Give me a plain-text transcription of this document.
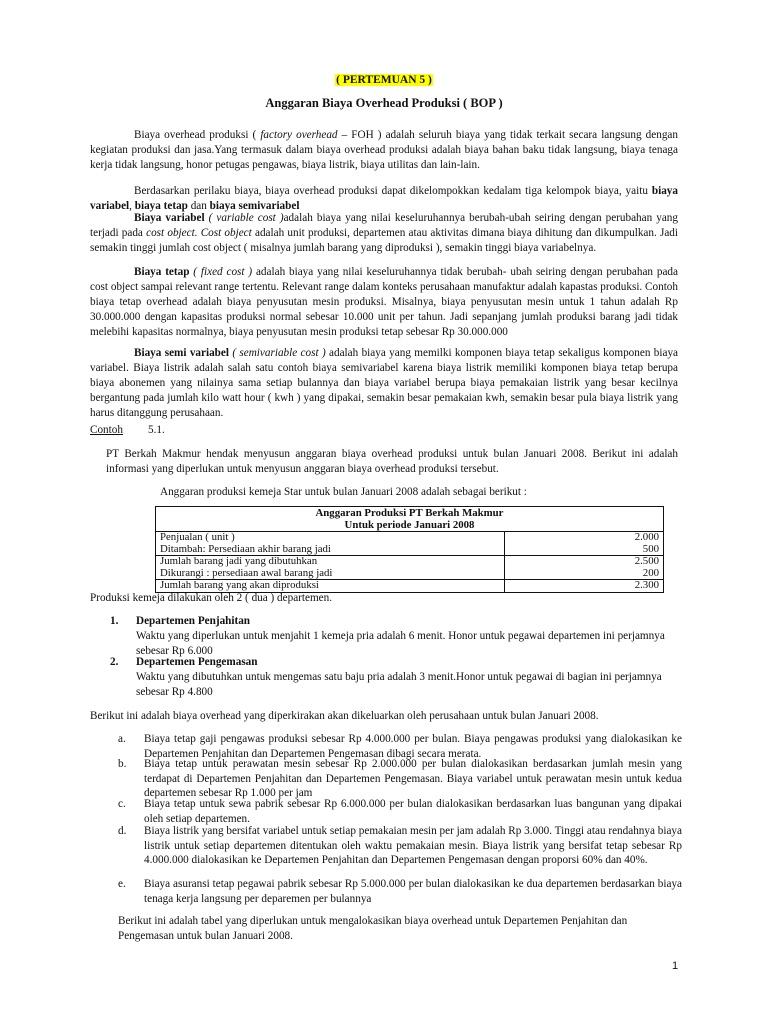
( PERTEMUAN 5 )

Anggaran Biaya Overhead Produksi ( BOP )

Biaya overhead produksi ( factory overhead – FOH ) adalah seluruh biaya yang tidak terkait secara langsung dengan kegiatan produksi dan jasa.Yang termasuk dalam biaya overhead produksi adalah biaya bahan baku tidak langsung, biaya tenaga kerja tidak langsung, honor petugas pengawas, biaya listrik, biaya utilitas dan lain-lain.

Berdasarkan perilaku biaya, biaya overhead produksi dapat dikelompokkan kedalam tiga kelompok biaya, yaitu biaya variabel, biaya tetap dan biaya semivariabel

Biaya variabel ( variable cost )adalah biaya yang nilai keseluruhannya berubah-ubah seiring dengan perubahan yang terjadi pada cost object. Cost object adalah unit produksi, departemen atau aktivitas dimana biaya dihitung dan dikumpulkan. Jadi semakin tinggi jumlah cost object ( misalnya jumlah barang yang diproduksi ), semakin tinggi biaya variabelnya.

Biaya tetap ( fixed cost ) adalah biaya yang nilai keseluruhannya tidak berubah- ubah seiring dengan perubahan pada cost object sampai relevant range tertentu. Relevant range dalam konteks perusahaan manufaktur adalah kapastas produksi. Contoh biaya tetap overhead adalah biaya penyusutan mesin produksi. Misalnya, biaya penyusutan mesin untuk 1 tahun adalah Rp 30.000.000 dengan kapasitas produksi normal sebesar 10.000 unit per tahun. Jadi sepanjang jumlah produksi barang jadi tidak melebihi kapasitas normalnya, biaya penyusutan mesin produksi tetap sebesar Rp 30.000.000

Biaya semi variabel ( semivariable cost ) adalah biaya yang memilki komponen biaya tetap sekaligus komponen biaya variabel. Biaya listrik adalah salah satu contoh biaya semivariabel karena biaya listrik memiliki komponen biaya tetap berupa biaya abonemen yang nilainya sama setiap bulannya dan biaya variabel berupa biaya pemakaian listrik yang besar kecilnya bergantung pada jumlah kilo watt hour ( kwh ) yang dipakai, semakin besar pemakaian kwh, semakin besar pula biaya listrik yang harus ditanggung perusahaan.

Contoh 5.1.

PT Berkah Makmur hendak menyusun anggaran biaya overhead produksi untuk bulan Januari 2008. Berikut ini adalah informasi yang diperlukan untuk menyusun anggaran biaya overhead produksi tersebut.

Anggaran produksi kemeja Star untuk bulan Januari 2008 adalah sebagai berikut :

Anggaran Produksi PT Berkah Makmur	
Untuk periode Januari 2008	
Penjualan ( unit )	2.000
Ditambah: Persediaan akhir barang jadi	500
Jumlah barang jadi yang dibutuhkan	2.500
Dikurangi : persediaan awal barang jadi	200
Jumlah barang yang akan diproduksi	2.300

Produksi kemeja dilakukan oleh 2 ( dua ) departemen.

1. Departemen Penjahitan

Waktu yang diperlukan untuk menjahit 1 kemeja pria adalah 6 menit. Honor untuk pegawai departemen ini perjamnya sebesar Rp 6.000

2. Departemen Pengemasan

Waktu yang dibutuhkan untuk mengemas satu baju pria adalah 3 menit.Honor untuk pegawai di bagian ini perjamnya sebesar Rp 4.800

Berikut ini adalah biaya overhead yang diperkirakan akan dikeluarkan oleh perusahaan untuk bulan Januari 2008.

a.	Biaya tetap gaji pengawas produksi sebesar Rp 4.000.000 per bulan. Biaya pengawas produksi yang dialokasikan ke Departemen Penjahitan dan Departemen Pengemasan dibagi secara merata.

b.	Biaya tetap untuk perawatan mesin sebesar Rp 2.000.000 per bulan dialokasikan berdasarkan jumlah mesin yang terdapat di Departemen Penjahitan dan Departemen Pengemasan. Biaya variabel untuk perawatan mesin untuk kedua departemen sebesar Rp 1.000 per jam

c.	Biaya tetap untuk sewa pabrik sebesar Rp 6.000.000 per bulan dialokasikan berdasarkan luas bangunan yang dipakai oleh setiap departemen.

d.	Biaya listrik yang bersifat variabel untuk setiap pemakaian mesin per jam adalah Rp 3.000. Tinggi atau rendahnya biaya listrik untuk setiap departemen ditentukan oleh waktu pemakaian mesin. Biaya listrik yang bersifat tetap sebesar Rp 4.000.000 dialokasikan ke Departemen Penjahitan dan Departemen Pengemasan dengan proporsi 60% dan 40%.

e.	Biaya asuransi tetap pegawai pabrik sebesar Rp 5.000.000 per bulan dialokasikan ke dua departemen berdasarkan biaya tenaga kerja langsung per deparemen per bulannya

Berikut ini adalah tabel yang diperlukan untuk mengalokasikan biaya overhead untuk Departemen Penjahitan dan Pengemasan untuk bulan Januari 2008.

1
